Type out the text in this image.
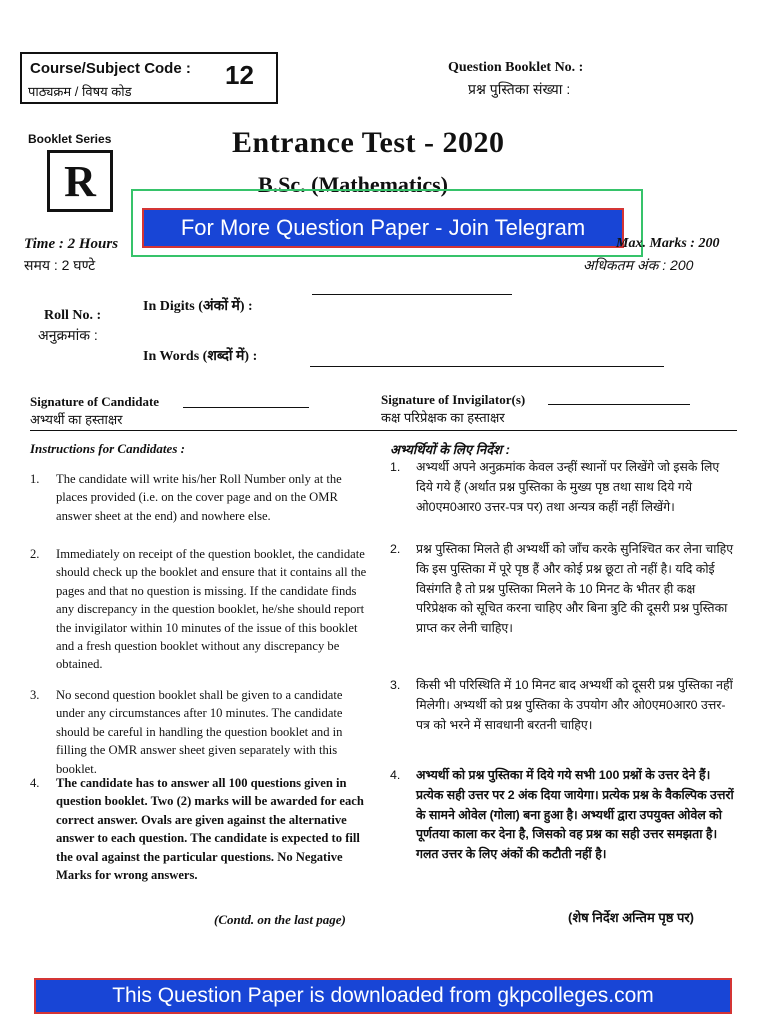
Course/Subject Code :
पाठ्यक्रम / विषय कोड
12	Question Booklet No. :
प्रश्न पुस्तिका संख्या :
Booklet Series
R
Entrance Test - 2020
B.Sc. (Mathematics)
For More Question Paper - Join Telegram
Time : 2 Hours
समय : 2 घण्टे
Max. Marks : 200
अधिकतम अंक : 200
Roll No. :
अनुक्रमांक :
In Digits (अंकों में) :
In Words (शब्दों में) :
Signature of Candidate
अभ्यर्थी का हस्ताक्षर
Signature of Invigilator(s)
कक्ष परिप्रेक्षक का हस्ताक्षर
Instructions for Candidates :	अभ्यर्थियों के लिए निर्देश :
1. The candidate will write his/her Roll Number only at the places provided (i.e. on the cover page and on the OMR answer sheet at the end) and nowhere else.
2. Immediately on receipt of the question booklet, the candidate should check up the booklet and ensure that it contains all the pages and that no question is missing. If the candidate finds any discrepancy in the question booklet, he/she should report the invigilator within 10 minutes of the issue of this booklet and a fresh question booklet without any discrepancy be obtained.
3. No second question booklet shall be given to a candidate under any circumstances after 10 minutes. The candidate should be careful in handling the question booklet and in filling the OMR answer sheet given separately with this booklet.
4. The candidate has to answer all 100 questions given in question booklet. Two (2) marks will be awarded for each correct answer. Ovals are given against the alternative answer to each question. The candidate is expected to fill the oval against the particular questions. No Negative Marks for wrong answers.
(Contd. on the last page)
1. अभ्यर्थी अपने अनुक्रमांक केवल उन्हीं स्थानों पर लिखेंगे जो इसके लिए दिये गये हैं (अर्थात प्रश्न पुस्तिका के मुख्य पृष्ठ तथा साथ दिये गये ओ0एम0आर0 उत्तर-पत्र पर) तथा अन्यत्र कहीं नहीं लिखेंगे।
2. प्रश्न पुस्तिका मिलते ही अभ्यर्थी को जाँच करके सुनिश्चित कर लेना चाहिए कि इस पुस्तिका में पूरे पृष्ठ हैं और कोई प्रश्न छूटा तो नहीं है। यदि कोई विसंगति है तो प्रश्न पुस्तिका मिलने के 10 मिनट के भीतर ही कक्ष परिप्रेक्षक को सूचित करना चाहिए और बिना त्रुटि की दूसरी प्रश्न पुस्तिका प्राप्त कर लेनी चाहिए।
3. किसी भी परिस्थिति में 10 मिनट बाद अभ्यर्थी को दूसरी प्रश्न पुस्तिका नहीं मिलेगी। अभ्यर्थी को प्रश्न पुस्तिका के उपयोग और ओ0एम0आर0 उत्तर-पत्र को भरने में सावधानी बरतनी चाहिए।
4. अभ्यर्थी को प्रश्न पुस्तिका में दिये गये सभी 100 प्रश्नों के उत्तर देने हैं। प्रत्येक सही उत्तर पर 2 अंक दिया जायेगा। प्रत्येक प्रश्न के वैकल्पिक उत्तरों के सामने ओवेल (गोला) बना हुआ है। अभ्यर्थी द्वारा उपयुक्त ओवेल को पूर्णतया काला कर देना है, जिसको वह प्रश्न का सही उत्तर समझता है। गलत उत्तर के लिए अंकों की कटौती नहीं है।
(शेष निर्देश अन्तिम पृष्ठ पर)
This Question Paper is downloaded from gkpcolleges.com
